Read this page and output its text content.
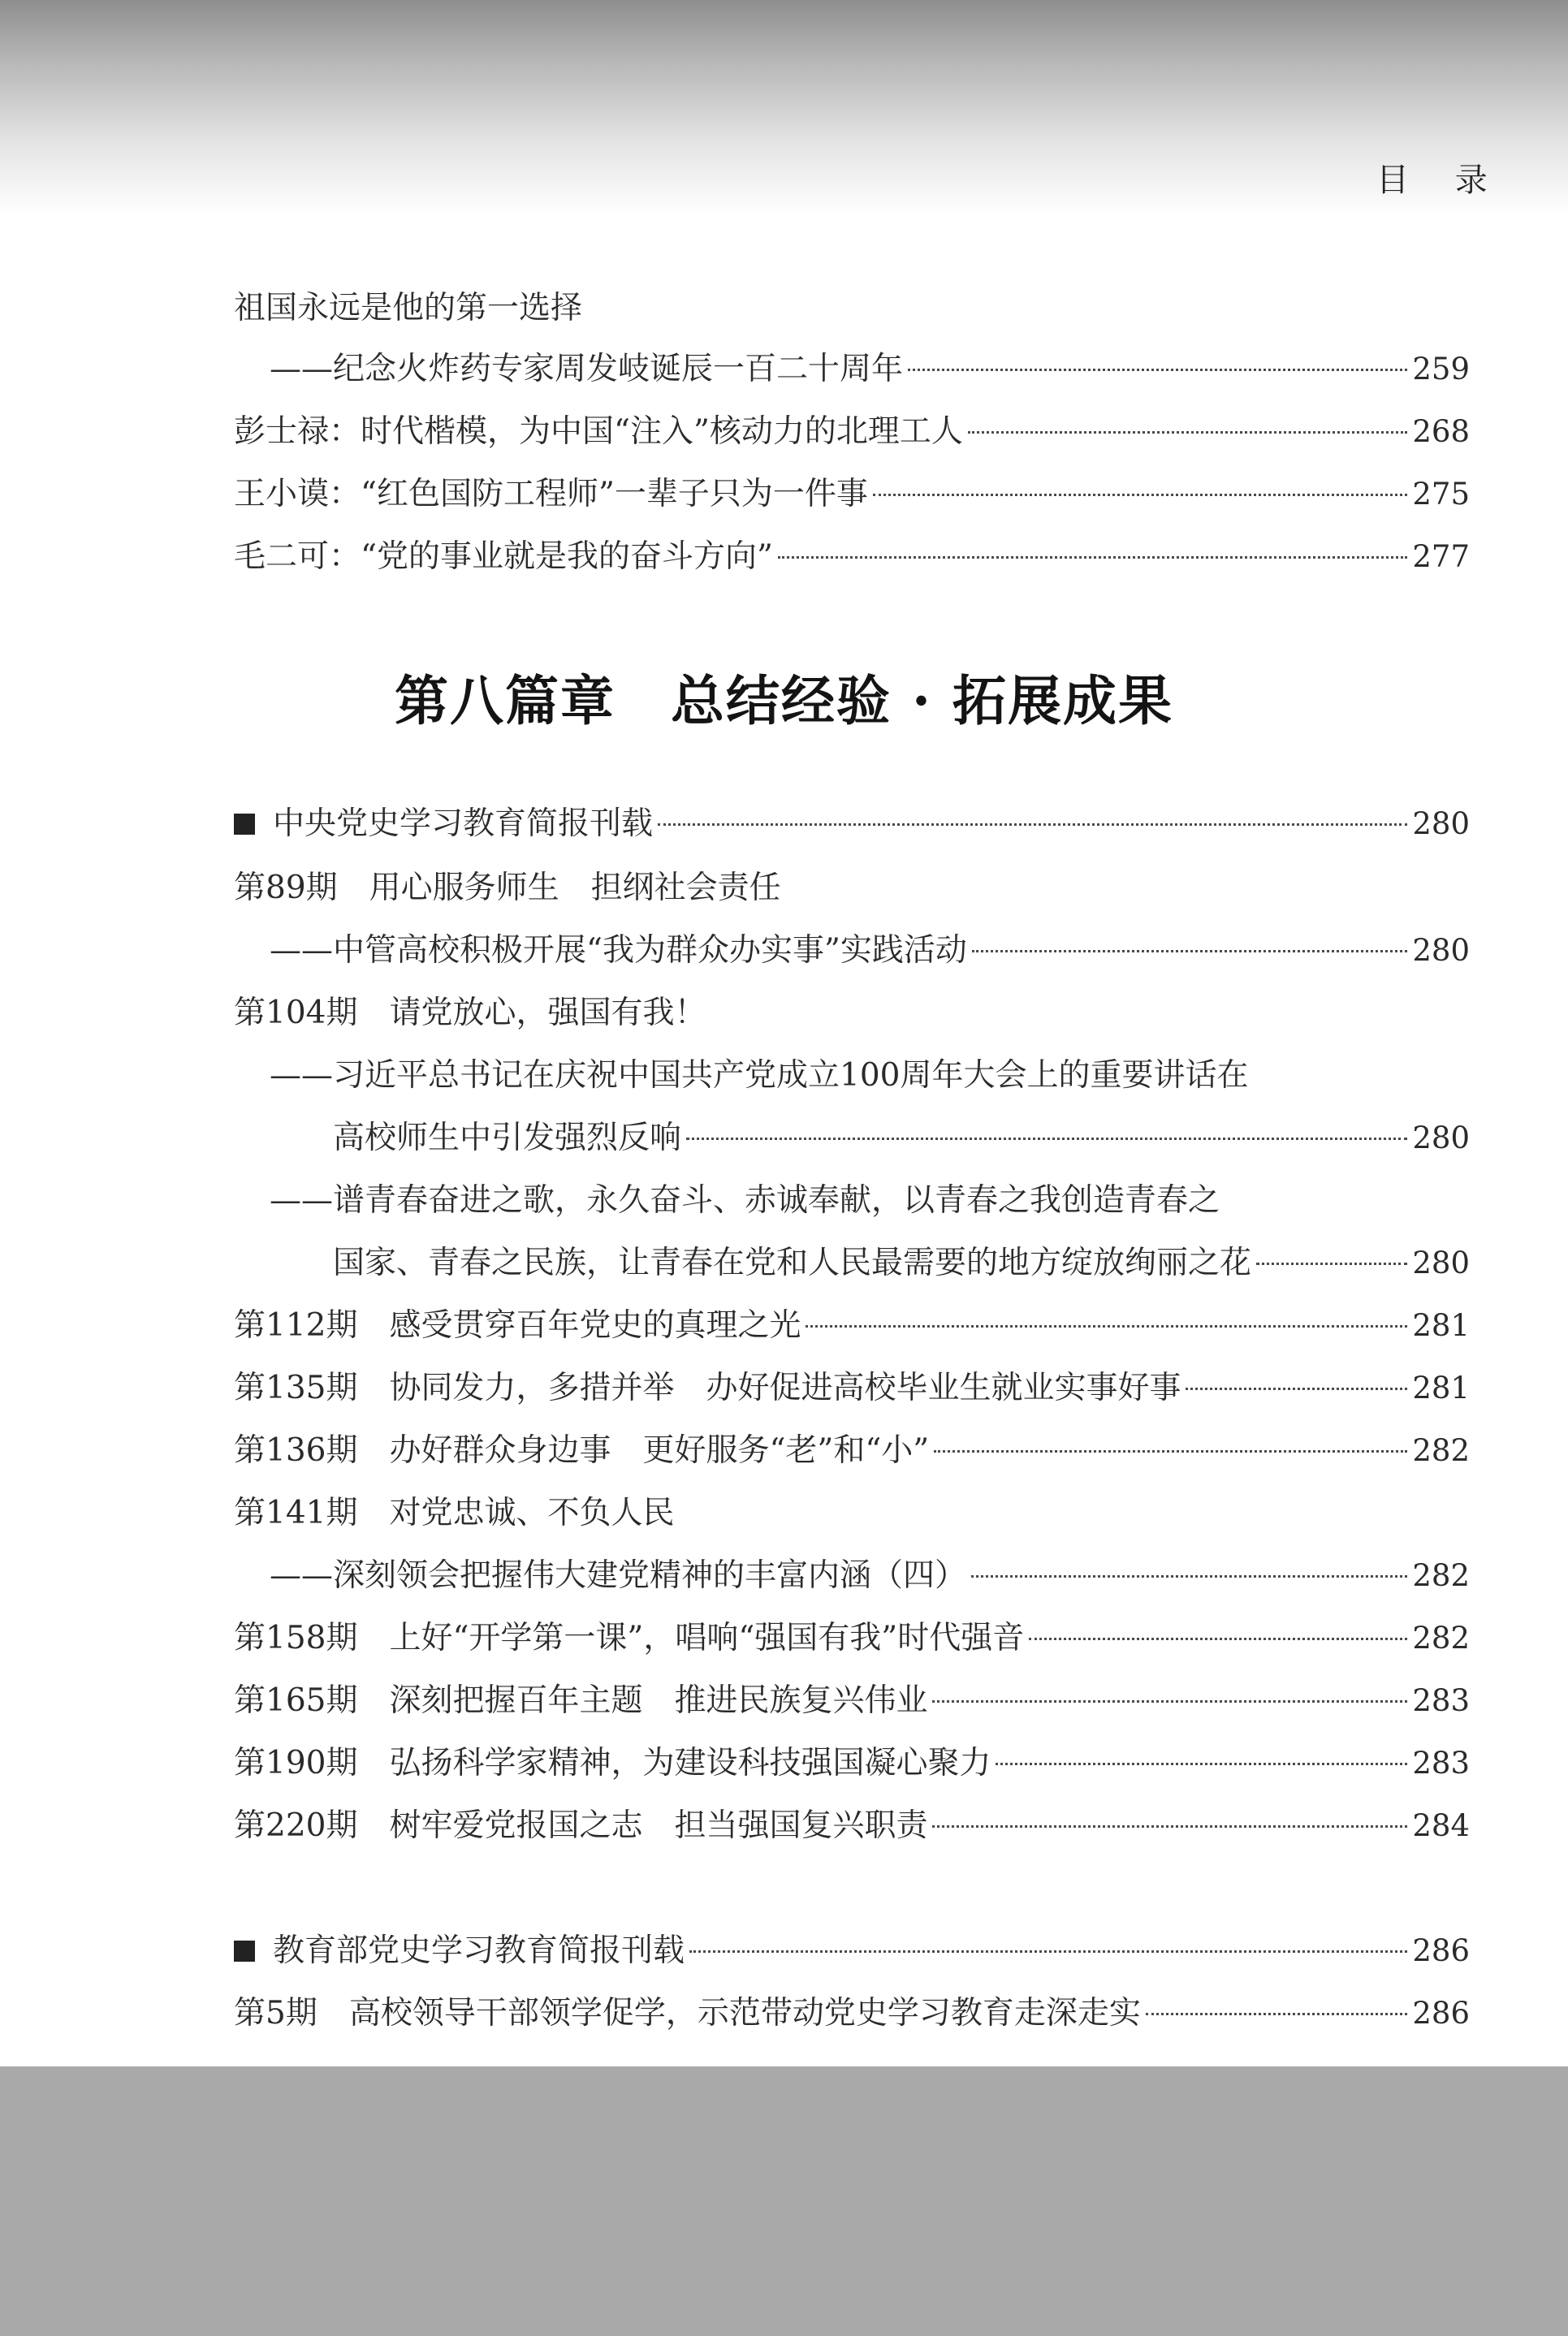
目 录
祖国永远是他的第一选择
——纪念火炸药专家周发岐诞辰一百二十周年	259
彭士禄：时代楷模，为中国“注入”核动力的北理工人	268
王小谟：“红色国防工程师”一辈子只为一件事	275
毛二可：“党的事业就是我的奋斗方向”	277
第八篇章　总结经验 · 拓展成果
中央党史学习教育简报刊载	280
第89期　用心服务师生　担纲社会责任
——中管高校积极开展“我为群众办实事”实践活动	280
第104期　请党放心，强国有我！
——习近平总书记在庆祝中国共产党成立100周年大会上的重要讲话在
高校师生中引发强烈反响	280
——谱青春奋进之歌，永久奋斗、赤诚奉献，以青春之我创造青春之
国家、青春之民族，让青春在党和人民最需要的地方绽放绚丽之花	280
第112期　感受贯穿百年党史的真理之光	281
第135期　协同发力，多措并举　办好促进高校毕业生就业实事好事	281
第136期　办好群众身边事　更好服务“老”和“小”	282
第141期　对党忠诚、不负人民
——深刻领会把握伟大建党精神的丰富内涵（四）	282
第158期　上好“开学第一课”，唱响“强国有我”时代强音	282
第165期　深刻把握百年主题　推进民族复兴伟业	283
第190期　弘扬科学家精神，为建设科技强国凝心聚力	283
第220期　树牢爱党报国之志　担当强国复兴职责	284
教育部党史学习教育简报刊载	286
第5期　高校领导干部领学促学，示范带动党史学习教育走深走实	286
